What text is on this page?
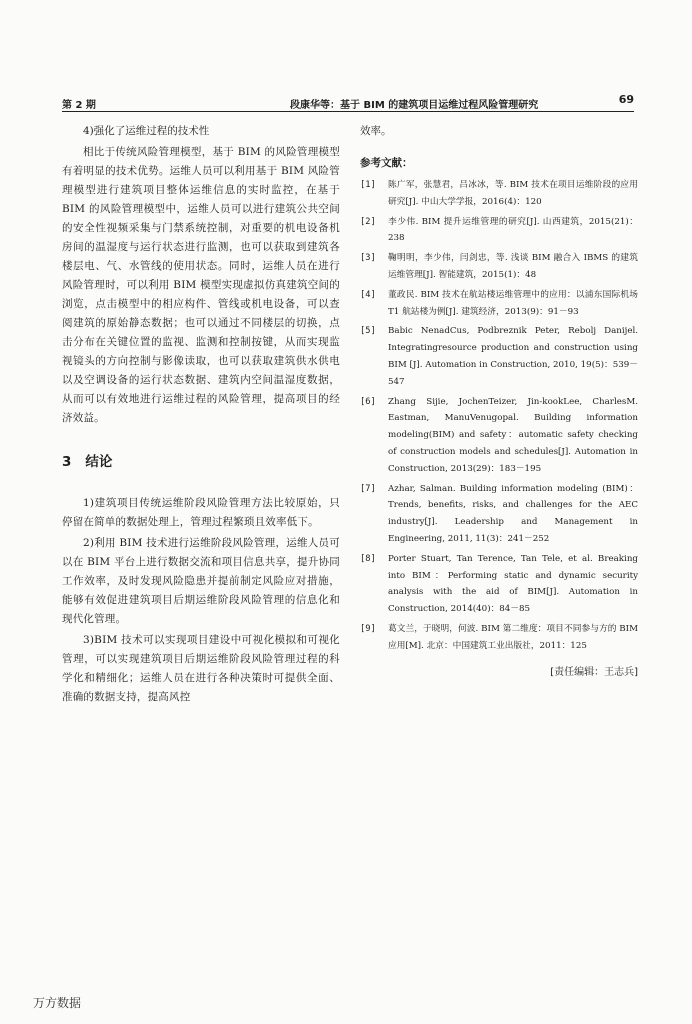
第 2 期	段康华等：基于 BIM 的建筑项目运维过程风险管理研究	69

4)强化了运维过程的技术性

相比于传统风险管理模型，基于 BIM 的风险管理模型有着明显的技术优势。运维人员可以利用基于 BIM 风险管理模型进行建筑项目整体运维信息的实时监控，在基于 BIM 的风险管理模型中，运维人员可以进行建筑公共空间的安全性视频采集与门禁系统控制，对重要的机电设备机房间的温湿度与运行状态进行监测，也可以获取到建筑各楼层电、气、水管线的使用状态。同时，运维人员在进行风险管理时，可以利用 BIM 模型实现虚拟仿真建筑空间的浏览，点击模型中的相应构件、管线或机电设备，可以查阅建筑的原始静态数据；也可以通过不同楼层的切换，点击分布在关键位置的监视、监测和控制按键，从而实现监视镜头的方向控制与影像读取，也可以获取建筑供水供电以及空调设备的运行状态数据、建筑内空间温湿度数据，从而可以有效地进行运维过程的风险管理，提高项目的经济效益。

3 结论

1)建筑项目传统运维阶段风险管理方法比较原始，只停留在简单的数据处理上，管理过程繁琐且效率低下。

2)利用 BIM 技术进行运维阶段风险管理，运维人员可以在 BIM 平台上进行数据交流和项目信息共享，提升协同工作效率，及时发现风险隐患并提前制定风险应对措施，能够有效促进建筑项目后期运维阶段风险管理的信息化和现代化管理。

3)BIM 技术可以实现项目建设中可视化模拟和可视化管理，可以实现建筑项目后期运维阶段风险管理过程的科学化和精细化；运维人员在进行各种决策时可提供全面、准确的数据支持，提高风控

效率。

参考文献：
[1] 陈广军，张慧君，吕冰冰，等. BIM 技术在项目运维阶段的应用研究[J]. 中山大学学报，2016(4)：120
[2] 李少伟. BIM 提升运维管理的研究[J]. 山西建筑，2015(21)：238
[3] 鞠明明，李少伟，闫剑忠，等. 浅谈 BIM 融合入 IBMS 的建筑运维管理[J]. 智能建筑，2015(1)：48
[4] 董政民. BIM 技术在航站楼运维管理中的应用：以浦东国际机场 T1 航站楼为例[J]. 建筑经济，2013(9)：91－93
[5] Babic NenadCus, Podbreznik Peter, Rebolj Danijel. Integratingresource production and construction using BIM [J]. Automation in Construction, 2010, 19(5)：539－547
[6] Zhang Sijie, JochenTeizer, Jin-kookLee, CharlesM. Eastman, ManuVenugopal. Building information modeling(BIM) and safety：automatic safety checking of construction models and schedules[J]. Automation in Construction, 2013(29)：183－195
[7] Azhar, Salman. Building information modeling (BIM)：Trends, benefits, risks, and challenges for the AEC industry[J]. Leadership and Management in Engineering, 2011, 11(3)：241－252
[8] Porter Stuart, Tan Terence, Tan Tele, et al. Breaking into BIM：Performing static and dynamic security analysis with the aid of BIM[J]. Automation in Construction, 2014(40)：84－85
[9] 葛文兰，于晓明，何波. BIM 第二维度：项目不同参与方的 BIM 应用[M]. 北京：中国建筑工业出版社，2011：125
[责任编辑：王志兵]
万方数据
